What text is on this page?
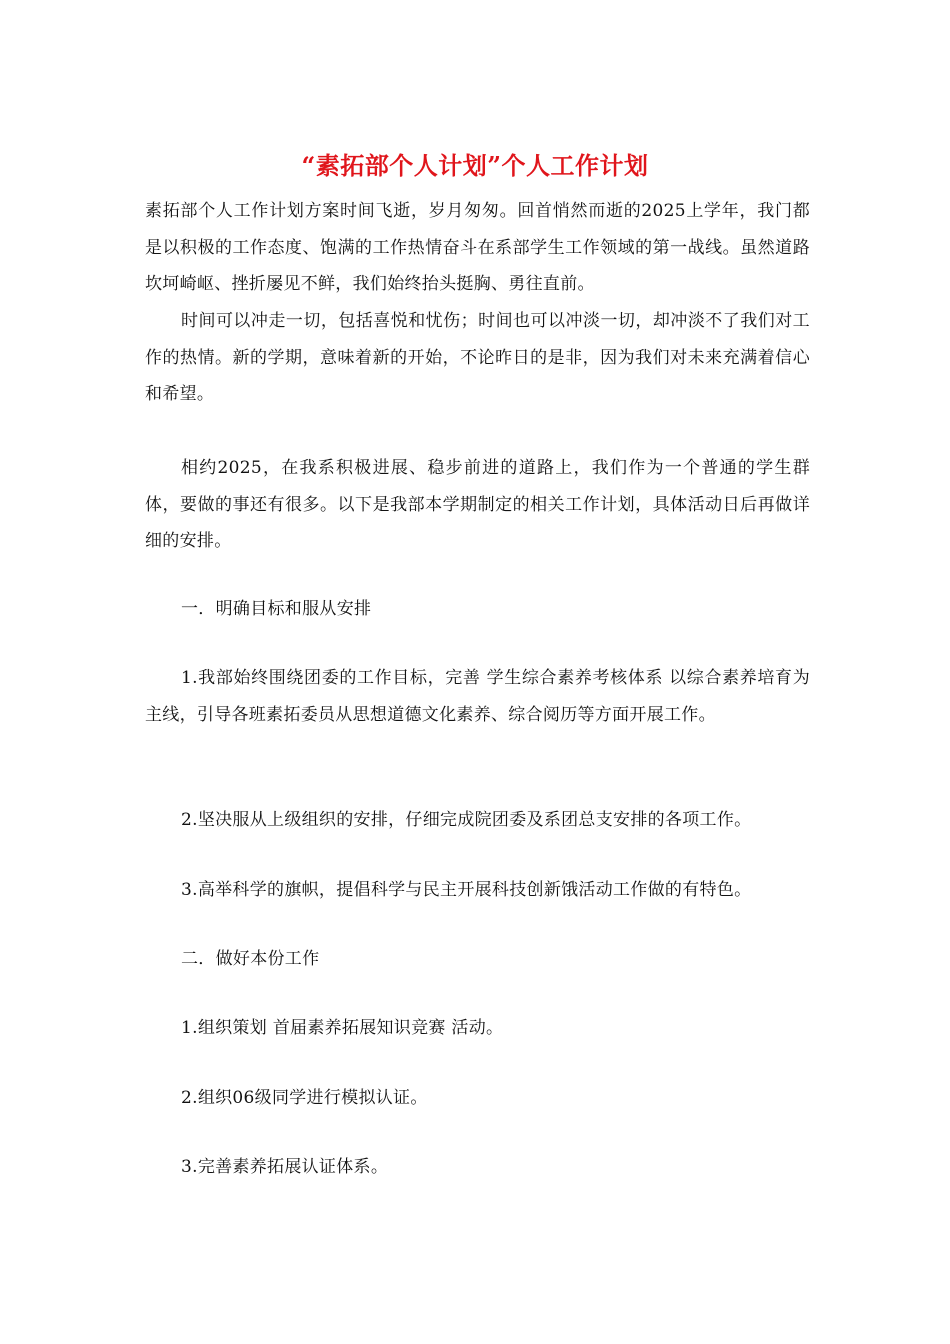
“素拓部个人计划”个人工作计划

素拓部个人工作计划方案时间飞逝，岁月匆匆。回首悄然而逝的2025上学年，我门都是以积极的工作态度、饱满的工作热情奋斗在系部学生工作领域的第一战线。虽然道路坎坷崎岖、挫折屡见不鲜，我们始终抬头挺胸、勇往直前。

时间可以冲走一切，包括喜悦和忧伤；时间也可以冲淡一切，却冲淡不了我们对工作的热情。新的学期，意味着新的开始，不论昨日的是非，因为我们对未来充满着信心和希望。

相约2025，在我系积极进展、稳步前进的道路上，我们作为一个普通的学生群体，要做的事还有很多。以下是我部本学期制定的相关工作计划，具体活动日后再做详细的安排。

一．明确目标和服从安排

1.我部始终围绕团委的工作目标，完善 学生综合素养考核体系 以综合素养培育为主线，引导各班素拓委员从思想道德文化素养、综合阅历等方面开展工作。

2.坚决服从上级组织的安排，仔细完成院团委及系团总支安排的各项工作。

3.高举科学的旗帜，提倡科学与民主开展科技创新饿活动工作做的有特色。

二．做好本份工作

1.组织策划 首届素养拓展知识竞赛 活动。

2.组织06级同学进行模拟认证。

3.完善素养拓展认证体系。
